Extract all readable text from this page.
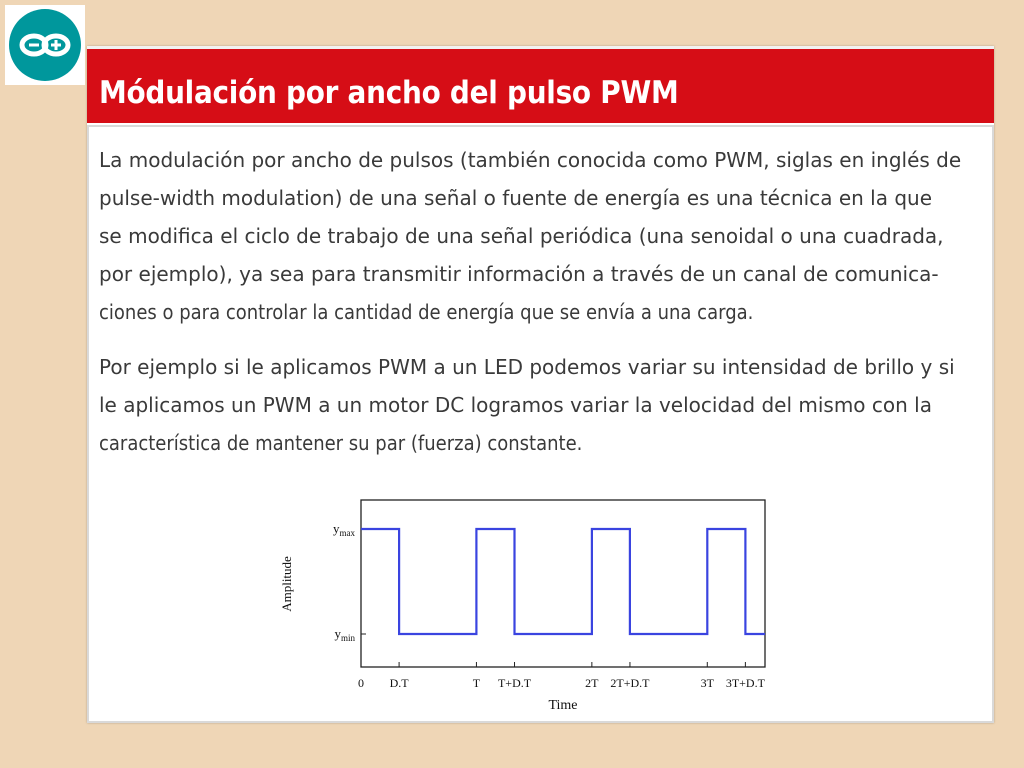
Módulación por ancho del pulso PWM

La modulación por ancho de pulsos (también conocida como PWM, siglas en inglés de
pulse-width modulation) de una señal o fuente de energía es una técnica en la que
se modifica el ciclo de trabajo de una señal periódica (una senoidal o una cuadrada,
por ejemplo), ya sea para transmitir información a través de un canal de comunica-
ciones o para controlar la cantidad de energía que se envía a una carga.

Por ejemplo si le aplicamos PWM a un LED podemos variar su intensidad de brillo y si
le aplicamos un PWM a un motor DC logramos variar la velocidad del mismo con la
característica de mantener su par (fuerza) constante.

Amplitude
Time
0 D.T	T T+D.T	2T 2T+D.T	3T 3T+D.T
$y_{max}$
$y_{min}$
